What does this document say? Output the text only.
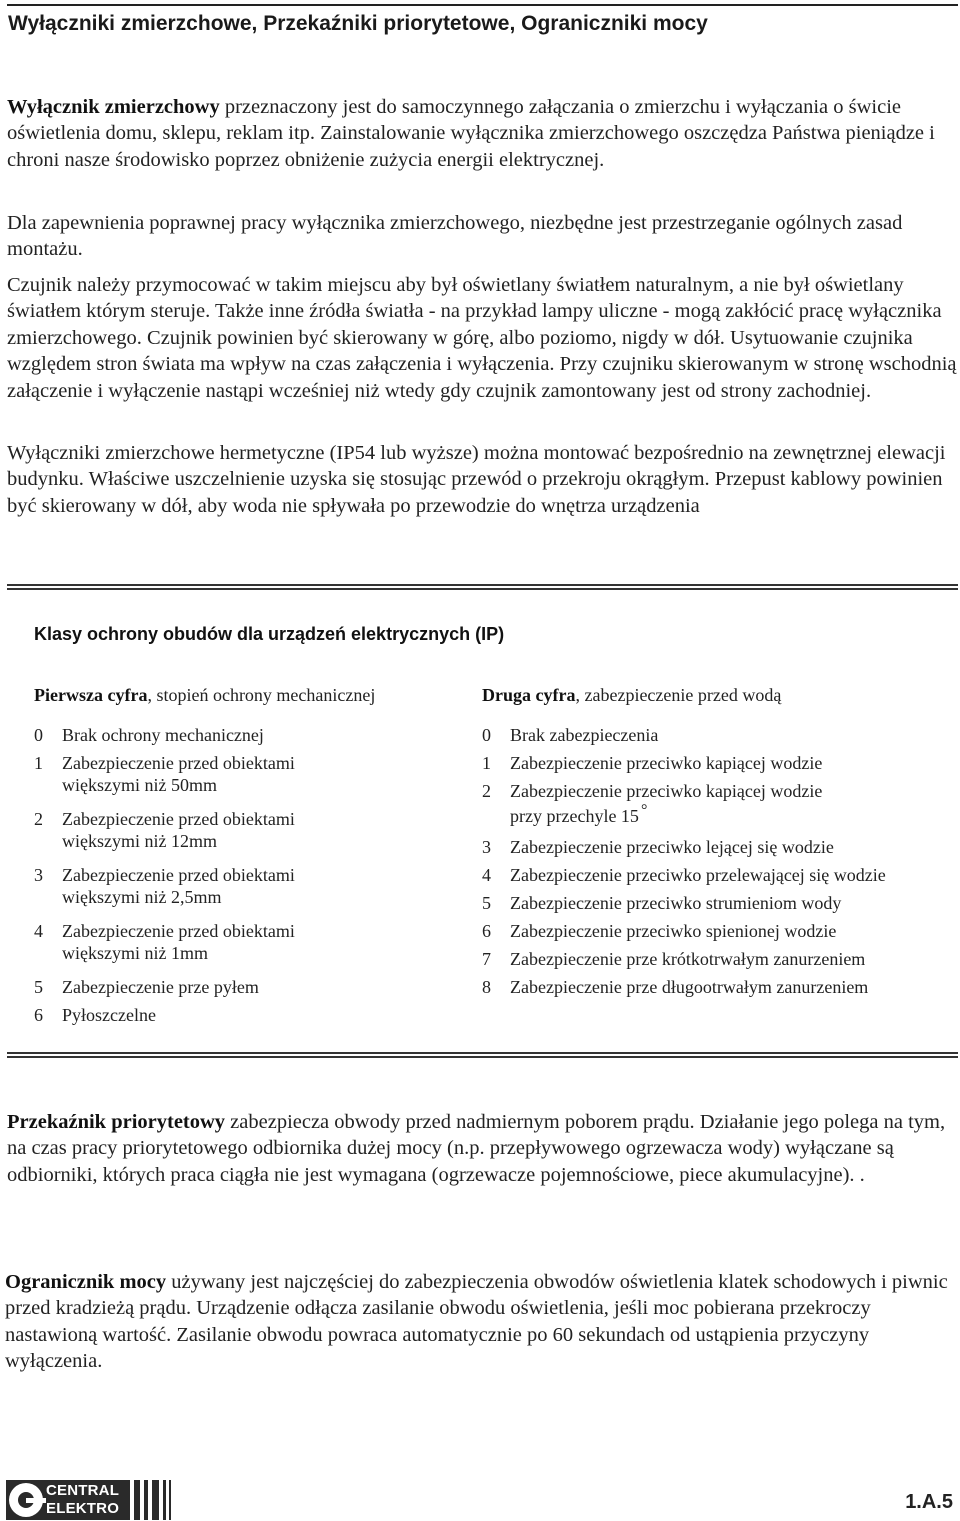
Wyłączniki zmierzchowe, Przekaźniki priorytetowe, Ograniczniki mocy

Wyłącznik zmierzchowy przeznaczony jest do samoczynnego załączania o zmierzchu i wyłączania o świcie oświetlenia domu, sklepu, reklam itp. Zainstalowanie wyłącznika zmierzchowego oszczędza Państwa pieniądze i chroni nasze środowisko poprzez obniżenie zużycia energii elektrycznej.

Dla zapewnienia poprawnej pracy wyłącznika zmierzchowego, niezbędne jest przestrzeganie ogólnych zasad montażu.

Czujnik należy przymocować w takim miejscu aby był oświetlany światłem naturalnym, a nie był oświetlany światłem którym steruje. Także inne źródła światła - na przykład lampy uliczne - mogą zakłócić pracę wyłącznika zmierzchowego. Czujnik powinien być skierowany w górę, albo poziomo, nigdy w dół. Usytuowanie czujnika względem stron świata ma wpływ na czas załączenia i wyłączenia. Przy czujniku skierowanym w stronę wschodnią załączenie i wyłączenie nastąpi wcześniej niż wtedy gdy czujnik zamontowany jest od strony zachodniej.

Wyłączniki zmierzchowe hermetyczne (IP54 lub wyższe) można montować bezpośrednio na zewnętrznej elewacji budynku. Właściwe uszczelnienie uzyska się stosując przewód o przekroju okrągłym. Przepust kablowy powinien być skierowany w dół, aby woda nie spływała po przewodzie do wnętrza urządzenia

Klasy ochrony obudów dla urządzeń elektrycznych (IP)
Pierwsza cyfra, stopień ochrony mechanicznej	Druga cyfra, zabezpieczenie przed wodą
0 Brak ochrony mechanicznej
1 Zabezpieczenie przed obiektami
większymi niż 50mm
2 Zabezpieczenie przed obiektami
większymi niż 12mm
3 Zabezpieczenie przed obiektami
większymi niż 2,5mm
4 Zabezpieczenie przed obiektami
większymi niż 1mm
5 Zabezpieczenie prze pyłem
6 Pyłoszczelne
0 Brak zabezpieczenia
1 Zabezpieczenie przeciwko kapiącej wodzie
2 Zabezpieczenie przeciwko kapiącej wodzie
przy przechyle 15 °
3 Zabezpieczenie przeciwko lejącej się wodzie
4 Zabezpieczenie przeciwko przelewającej się wodzie
5 Zabezpieczenie przeciwko strumieniom wody
6 Zabezpieczenie przeciwko spienionej wodzie
7 Zabezpieczenie prze krótkotrwałym zanurzeniem
8 Zabezpieczenie prze długootrwałym zanurzeniem

Przekaźnik priorytetowy zabezpiecza obwody przed nadmiernym poborem prądu. Działanie jego polega na tym, na czas pracy priorytetowego odbiornika dużej mocy (n.p. przepływowego ogrzewacza wody) wyłączane są odbiorniki, których praca ciągła nie jest wymagana (ogrzewacze pojemnościowe, piece akumulacyjne). .

Ogranicznik mocy używany jest najczęściej do zabezpieczenia obwodów oświetlenia klatek schodowych i piwnic przed kradzieżą prądu. Urządzenie odłącza zasilanie obwodu oświetlenia, jeśli moc pobierana przekroczy nastawioną wartość. Zasilanie obwodu powraca automatycznie po 60 sekundach od ustąpienia przyczyny wyłączenia.

CENTRAL
ELEKTRO	1.A.5
